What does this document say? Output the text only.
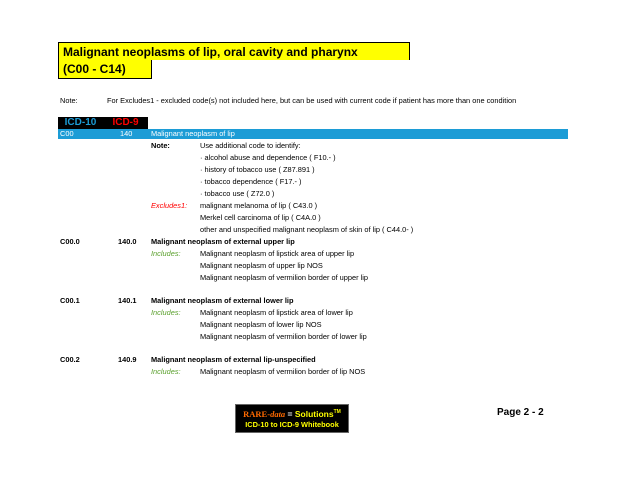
Malignant neoplasms of lip, oral cavity and pharynx
(C00 - C14)
Note:	For Excludes1 - excluded code(s) not included here, but can be used with current code if patient has more than one condition
ICD-10	ICD-9
C00	140	Malignant neoplasm of lip
Note:	Use additional code to identify:
· alcohol abuse and dependence ( F10.- )
· history of tobacco use ( Z87.891 )
· tobacco dependence ( F17.- )
· tobacco use ( Z72.0 )
Excludes1: malignant melanoma of lip ( C43.0 )
Merkel cell carcinoma of lip ( C4A.0 )
other and unspecified malignant neoplasm of skin of lip ( C44.0- )
C00.0	140.0 Malignant neoplasm of external upper lip
Includes:	Malignant neoplasm of lipstick area of upper lip
Malignant neoplasm of upper lip NOS
Malignant neoplasm of vermilion border of upper lip
C00.1	140.1 Malignant neoplasm of external lower lip
Includes:	Malignant neoplasm of lipstick area of lower lip
Malignant neoplasm of lower lip NOS
Malignant neoplasm of vermilion border of lower lip
C00.2	140.9 Malignant neoplasm of external lip-unspecified
Includes:	Malignant neoplasm of vermilion border of lip NOS
RARE-data = Solutions™
ICD-10 to ICD-9 Whitebook
Page 2 - 2
